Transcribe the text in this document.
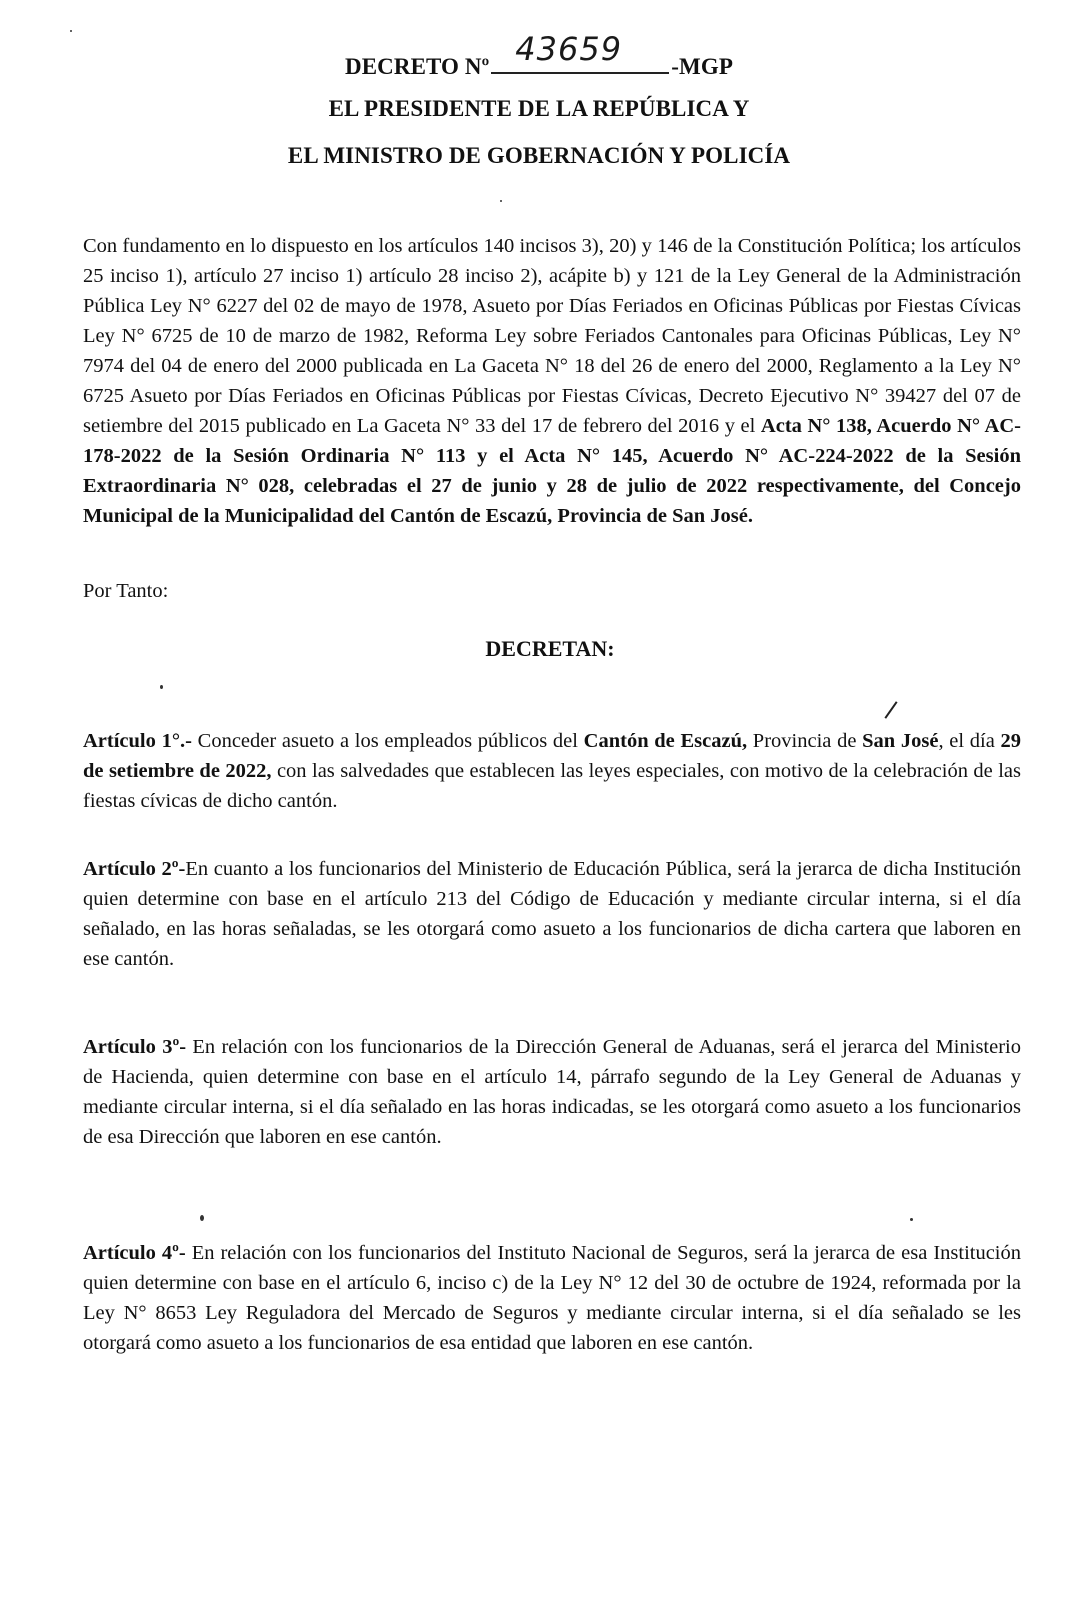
DECRETO Nº 43659 -MGP
EL PRESIDENTE DE LA REPÚBLICA Y
EL MINISTRO DE GOBERNACIÓN Y POLICÍA
Con fundamento en lo dispuesto en los artículos 140 incisos 3), 20) y 146 de la Constitución Política; los artículos 25 inciso 1), artículo 27 inciso 1) artículo 28 inciso 2), acápite b) y 121 de la Ley General de la Administración Pública Ley N° 6227 del 02 de mayo de 1978, Asueto por Días Feriados en Oficinas Públicas por Fiestas Cívicas Ley N° 6725 de 10 de marzo de 1982, Reforma Ley sobre Feriados Cantonales para Oficinas Públicas, Ley N° 7974 del 04 de enero del 2000 publicada en La Gaceta N° 18 del 26 de enero del 2000, Reglamento a la Ley N° 6725 Asueto por Días Feriados en Oficinas Públicas por Fiestas Cívicas, Decreto Ejecutivo N° 39427 del 07 de setiembre del 2015 publicado en La Gaceta N° 33 del 17 de febrero del 2016 y el Acta N° 138, Acuerdo N° AC-178-2022 de la Sesión Ordinaria N° 113 y el Acta N° 145, Acuerdo N° AC-224-2022 de la Sesión Extraordinaria N° 028, celebradas el 27 de junio y 28 de julio de 2022 respectivamente, del Concejo Municipal de la Municipalidad del Cantón de Escazú, Provincia de San José.
Por Tanto:
DECRETAN:
Artículo 1°.- Conceder asueto a los empleados públicos del Cantón de Escazú, Provincia de San José, el día 29 de setiembre de 2022, con las salvedades que establecen las leyes especiales, con motivo de la celebración de las fiestas cívicas de dicho cantón.
Artículo 2º-En cuanto a los funcionarios del Ministerio de Educación Pública, será la jerarca de dicha Institución quien determine con base en el artículo 213 del Código de Educación y mediante circular interna, si el día señalado, en las horas señaladas, se les otorgará como asueto a los funcionarios de dicha cartera que laboren en ese cantón.
Artículo 3º- En relación con los funcionarios de la Dirección General de Aduanas, será el jerarca del Ministerio de Hacienda, quien determine con base en el artículo 14, párrafo segundo de la Ley General de Aduanas y mediante circular interna, si el día señalado en las horas indicadas, se les otorgará como asueto a los funcionarios de esa Dirección que laboren en ese cantón.
Artículo 4º- En relación con los funcionarios del Instituto Nacional de Seguros, será la jerarca de esa Institución quien determine con base en el artículo 6, inciso c) de la Ley N° 12 del 30 de octubre de 1924, reformada por la Ley N° 8653 Ley Reguladora del Mercado de Seguros y mediante circular interna, si el día señalado se les otorgará como asueto a los funcionarios de esa entidad que laboren en ese cantón.
